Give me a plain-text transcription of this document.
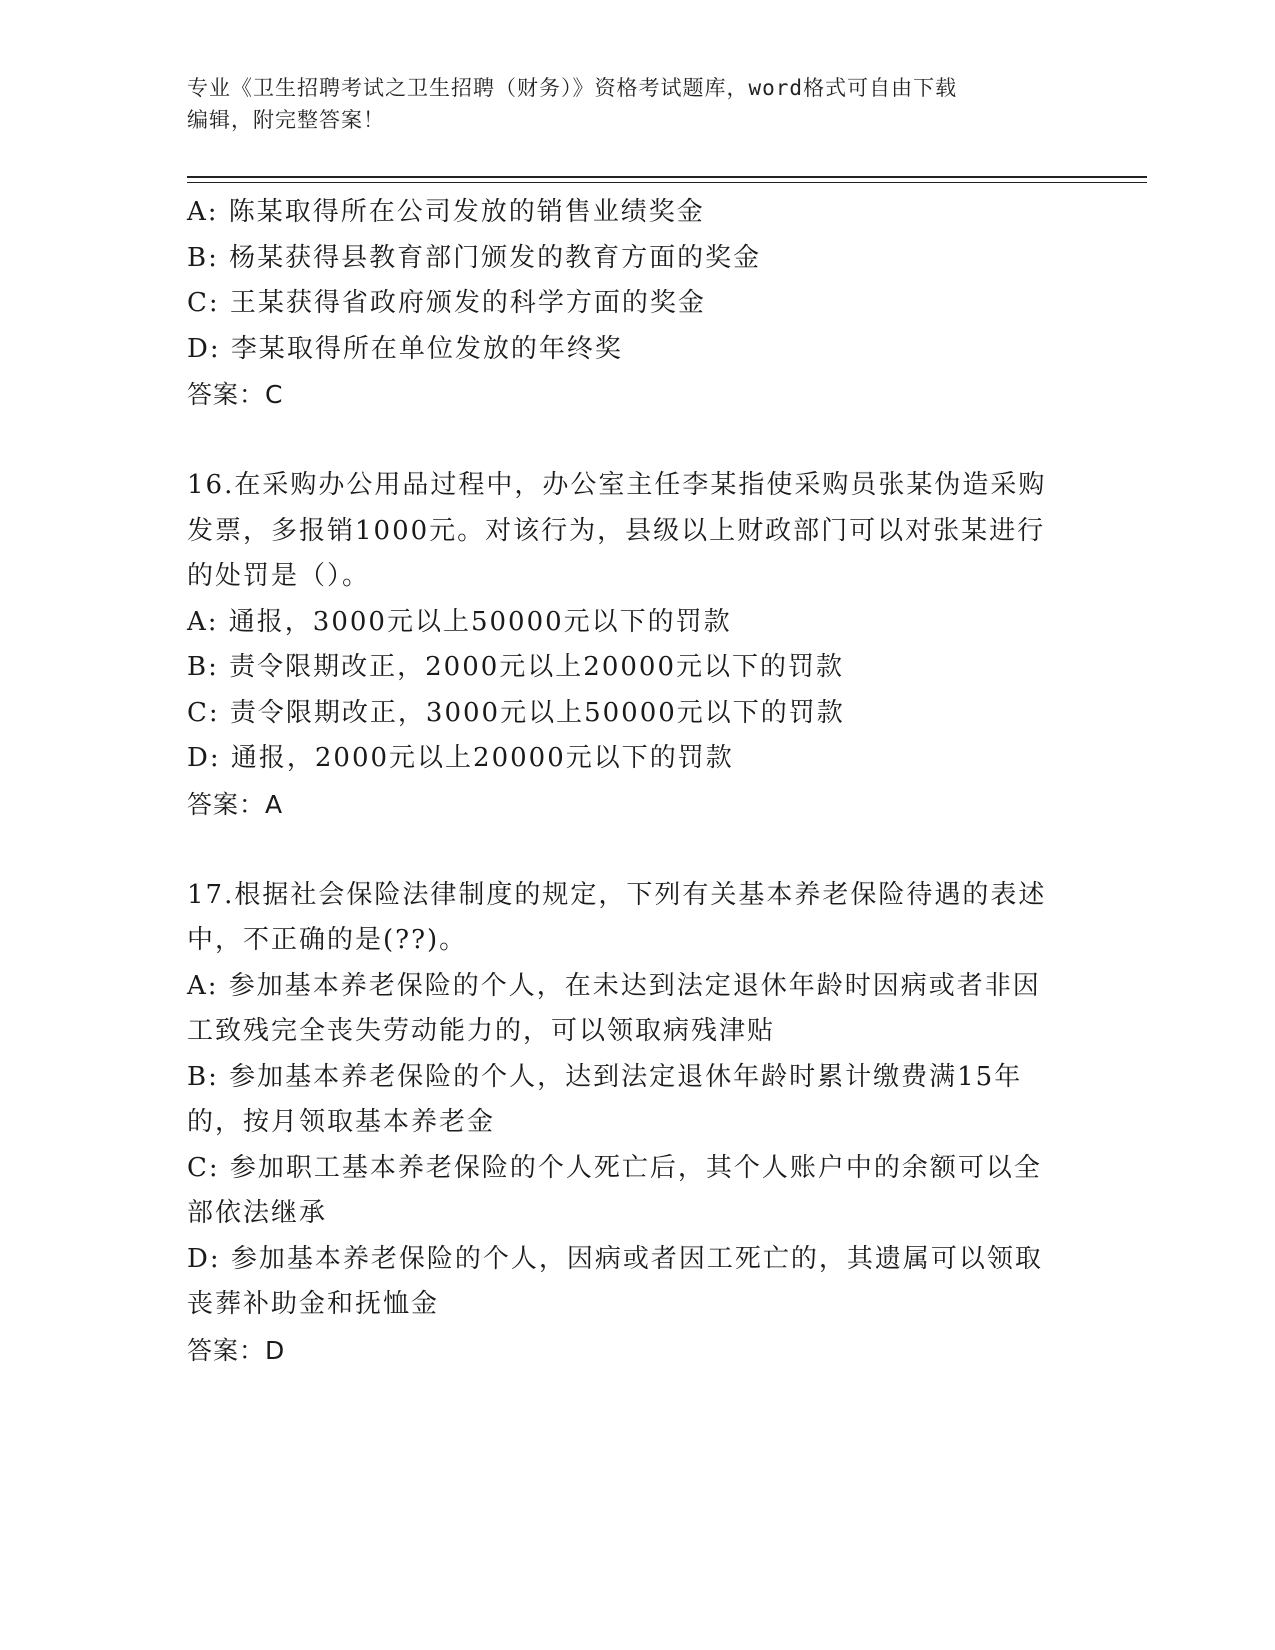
专业《卫生招聘考试之卫生招聘（财务）》资格考试题库，word格式可自由下载
编辑，附完整答案！
A: 陈某取得所在公司发放的销售业绩奖金
B: 杨某获得县教育部门颁发的教育方面的奖金
C: 王某获得省政府颁发的科学方面的奖金
D: 李某取得所在单位发放的年终奖
答案：C
16.在采购办公用品过程中，办公室主任李某指使采购员张某伪造采购
发票，多报销1000元。对该行为，县级以上财政部门可以对张某进行
的处罚是（）。
A: 通报，3000元以上50000元以下的罚款
B: 责令限期改正，2000元以上20000元以下的罚款
C: 责令限期改正，3000元以上50000元以下的罚款
D: 通报，2000元以上20000元以下的罚款
答案：A
17.根据社会保险法律制度的规定，下列有关基本养老保险待遇的表述
中，不正确的是(??)。
A: 参加基本养老保险的个人，在未达到法定退休年龄时因病或者非因
工致残完全丧失劳动能力的，可以领取病残津贴
B: 参加基本养老保险的个人，达到法定退休年龄时累计缴费满15年
的，按月领取基本养老金
C: 参加职工基本养老保险的个人死亡后，其个人账户中的余额可以全
部依法继承
D: 参加基本养老保险的个人，因病或者因工死亡的，其遗属可以领取
丧葬补助金和抚恤金
答案：D
